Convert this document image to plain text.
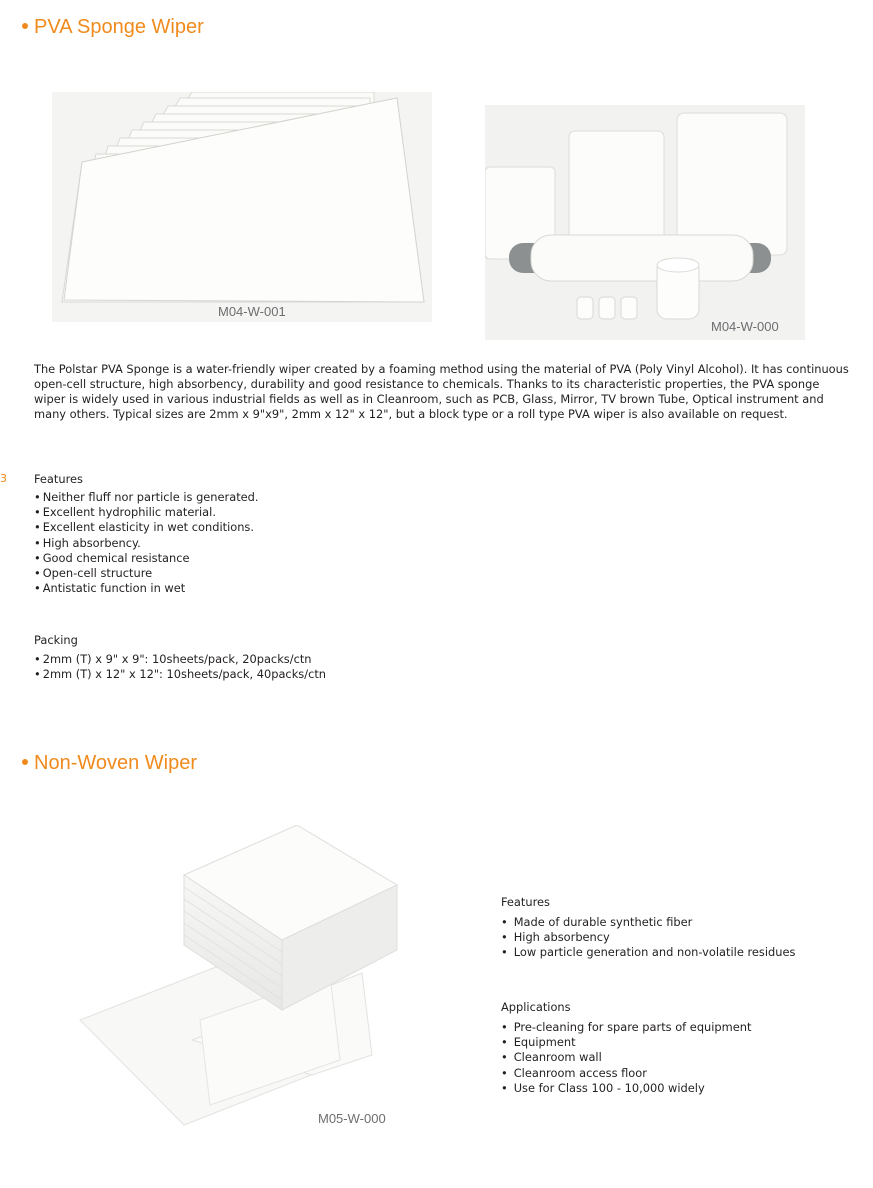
PVA Sponge Wiper
M04-W-001
M04-W-000
The Polstar PVA Sponge is a water-friendly wiper created by a foaming method using the material of PVA (Poly Vinyl Alcohol). It has continuous open-cell structure, high absorbency, durability and good resistance to chemicals. Thanks to its characteristic properties, the PVA sponge wiper is widely used in various industrial fields as well as in Cleanroom, such as PCB, Glass, Mirror, TV brown Tube, Optical instrument and many others. Typical sizes are 2mm x 9"x9", 2mm x 12" x 12", but a block type or a roll type PVA wiper is also available on request.
3 Features
• Neither fluff nor particle is generated.
• Excellent hydrophilic material.
• Excellent elasticity in wet conditions.
• High absorbency.
• Good chemical resistance
• Open-cell structure
• Antistatic function in wet
Packing
• 2mm (T) x 9" x 9": 10sheets/pack, 20packs/ctn
• 2mm (T) x 12" x 12": 10sheets/pack, 40packs/ctn
Non-Woven Wiper
M05-W-000
Features
• Made of durable synthetic fiber
• High absorbency
• Low particle generation and non-volatile residues
Applications
• Pre-cleaning for spare parts of equipment
• Equipment
• Cleanroom wall
• Cleanroom access floor
• Use for Class 100 - 10,000 widely
